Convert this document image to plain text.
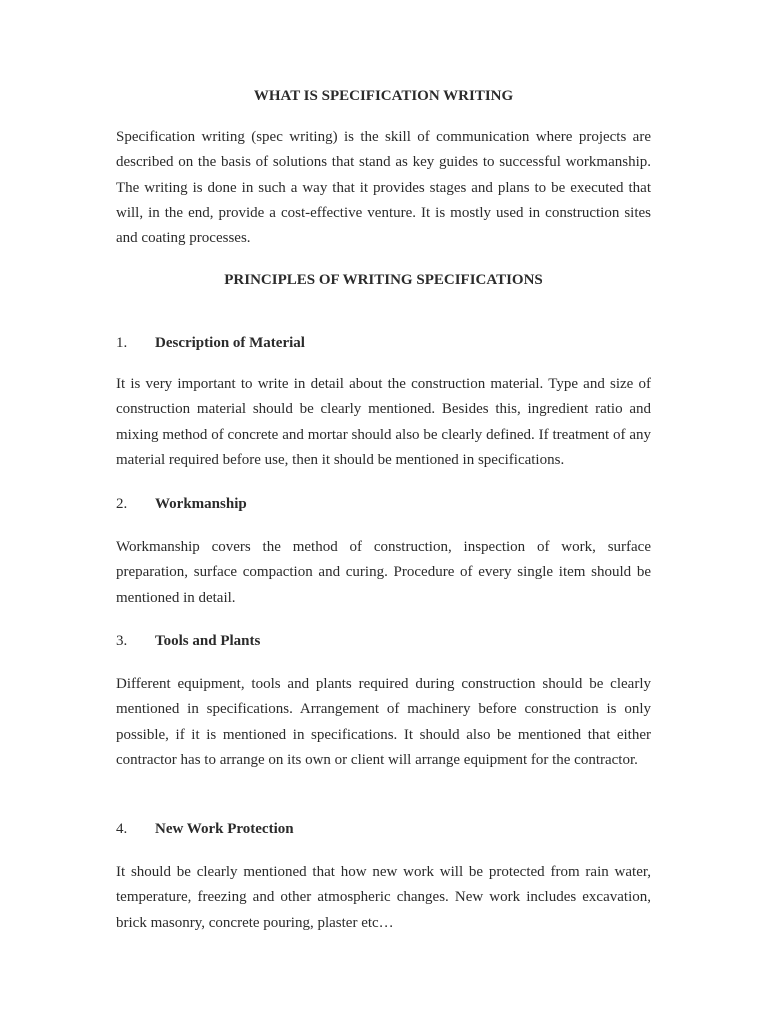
WHAT IS SPECIFICATION WRITING

Specification writing (spec writing) is the skill of communication where projects are described on the basis of solutions that stand as key guides to successful workmanship. The writing is done in such a way that it provides stages and plans to be executed that will, in the end, provide a cost-effective venture. It is mostly used in construction sites and coating processes.

PRINCIPLES OF WRITING SPECIFICATIONS
1. Description of Material

It is very important to write in detail about the construction material. Type and size of construction material should be clearly mentioned. Besides this, ingredient ratio and mixing method of concrete and mortar should also be clearly defined. If treatment of any material required before use, then it should be mentioned in specifications.

2. Workmanship

Workmanship covers the method of construction, inspection of work, surface preparation, surface compaction and curing. Procedure of every single item should be mentioned in detail.

3. Tools and Plants

Different equipment, tools and plants required during construction should be clearly mentioned in specifications. Arrangement of machinery before construction is only possible, if it is mentioned in specifications. It should also be mentioned that either contractor has to arrange on its own or client will arrange equipment for the contractor.

4. New Work Protection

It should be clearly mentioned that how new work will be protected from rain water, temperature, freezing and other atmospheric changes. New work includes excavation, brick masonry, concrete pouring, plaster etc…
